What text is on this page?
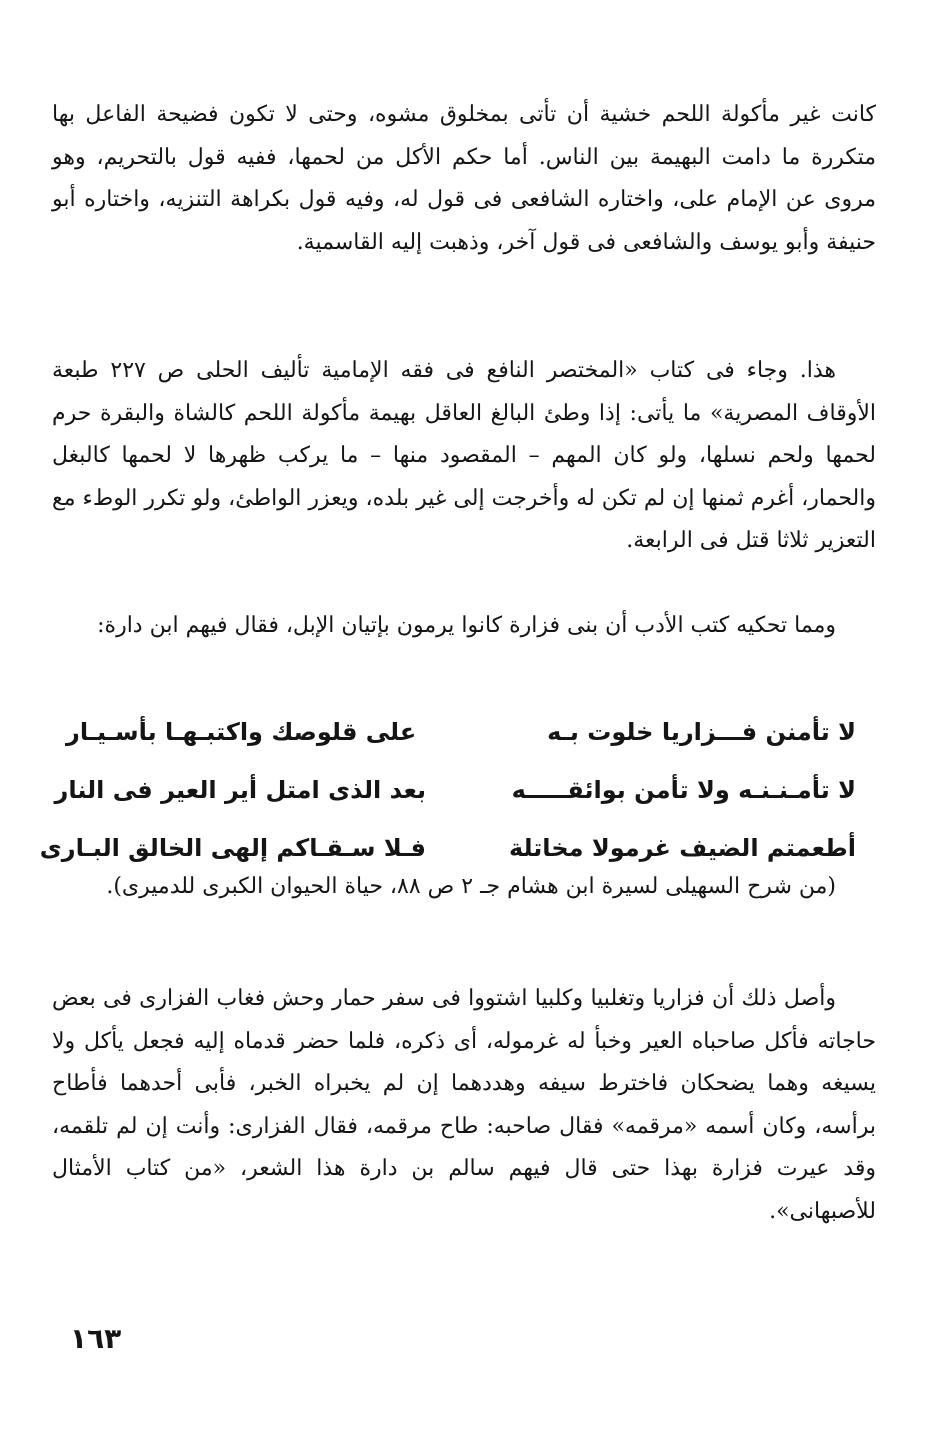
كانت غير مأكولة اللحم خشية أن تأتى بمخلوق مشوه، وحتى لا تكون فضيحة الفاعل بها متكررة ما دامت البهيمة بين الناس. أما حكم الأكل من لحمها، ففيه قول بالتحريم، وهو مروى عن الإمام على، واختاره الشافعى فى قول له، وفيه قول بكراهة التنزيه، واختاره أبو حنيفة وأبو يوسف والشافعى فى قول آخر، وذهبت إليه القاسمية.

هذا. وجاء فى كتاب «المختصر النافع فى فقه الإمامية تأليف الحلى ص ٢٢٧ طبعة الأوقاف المصرية» ما يأتى: إذا وطئ البالغ العاقل بهيمة مأكولة اللحم كالشاة والبقرة حرم لحمها ولحم نسلها، ولو كان المهم – المقصود منها – ما يركب ظهرها لا لحمها كالبغل والحمار، أغرم ثمنها إن لم تكن له وأخرجت إلى غير بلده، ويعزر الواطئ، ولو تكرر الوطء مع التعزير ثلاثا قتل فى الرابعة.

ومما تحكيه كتب الأدب أن بنى فزارة كانوا يرمون بإتيان الإبل، فقال فيهم ابن دارة:

لا تأمنن فـــزاريا خلوت بـه
على قلوصك واكتبـهـا بأسـيـار
لا تأمـنـنـه ولا تأمن بوائقـــــه
بعد الذى امتل أير العير فى النار
أطعمتم الضيف غرمولا مخاتلة
فـلا سـقـاكم إلهى الخالق البـارى

(من شرح السهيلى لسيرة ابن هشام جـ ٢ ص ٨٨، حياة الحيوان الكبرى للدميرى).

وأصل ذلك أن فزاريا وتغلبيا وكلبيا اشتووا فى سفر حمار وحش فغاب الفزارى فى بعض حاجاته فأكل صاحباه العير وخبأ له غرموله، أى ذكره، فلما حضر قدماه إليه فجعل يأكل ولا يسيغه وهما يضحكان فاخترط سيفه وهددهما إن لم يخبراه الخبر، فأبى أحدهما فأطاح برأسه، وكان أسمه «مرقمه» فقال صاحبه: طاح مرقمه، فقال الفزارى: وأنت إن لم تلقمه، وقد عيرت فزارة بهذا حتى قال فيهم سالم بن دارة هذا الشعر، «من كتاب الأمثال للأصبهانى».

١٦٣
